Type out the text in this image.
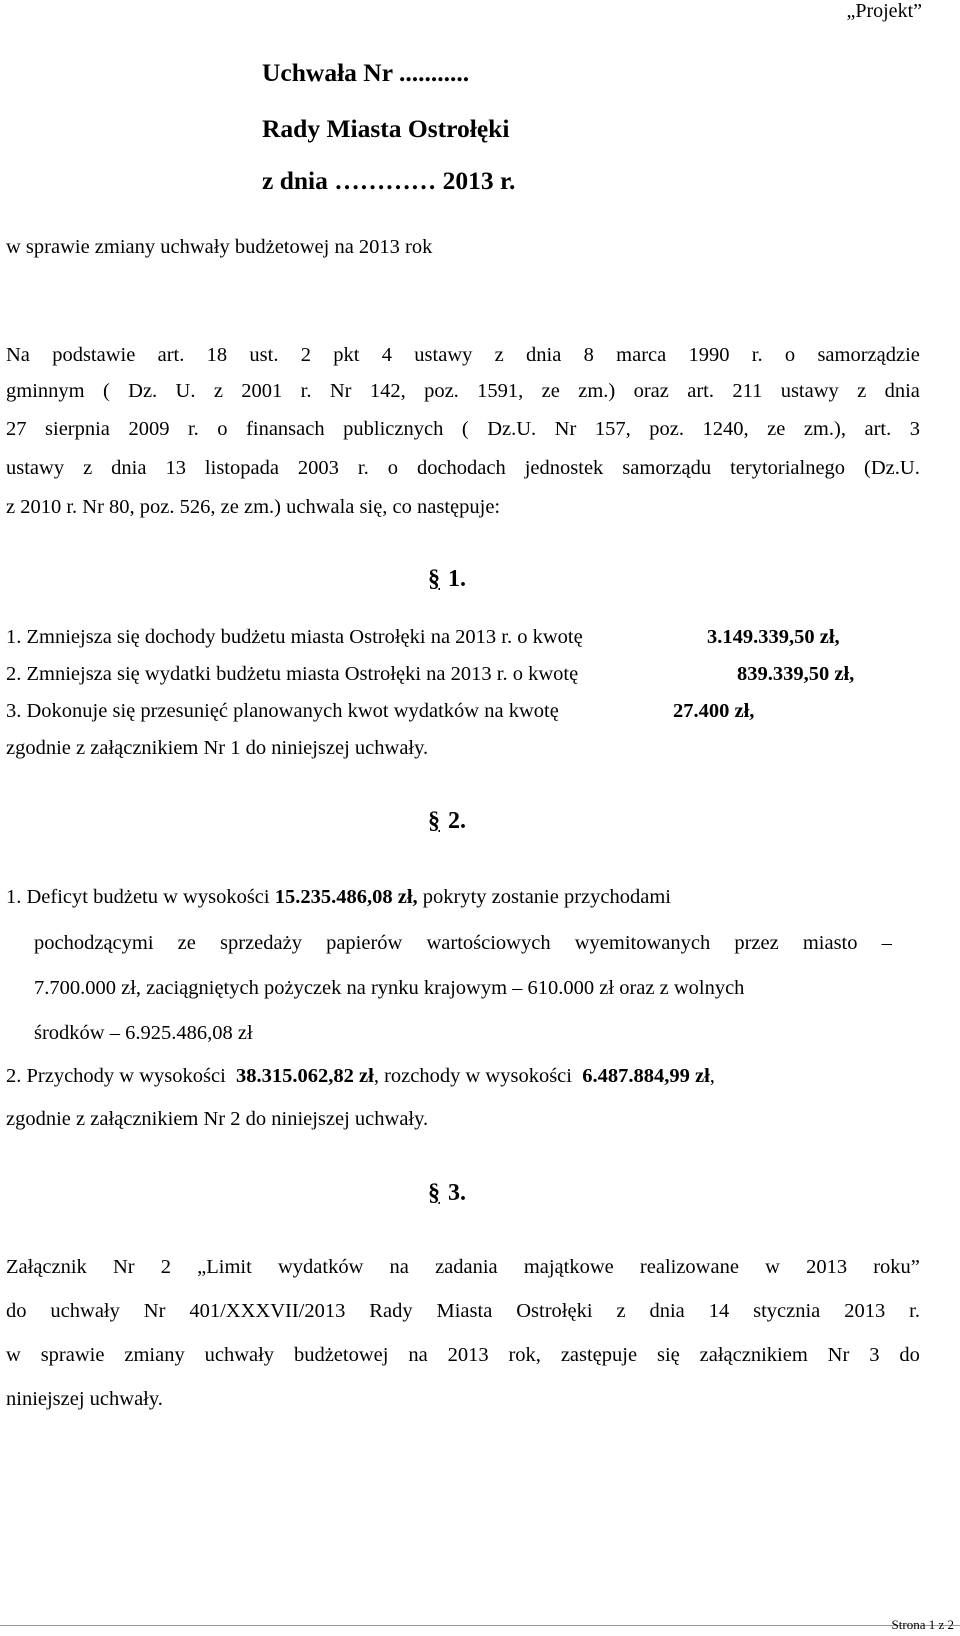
„Projekt”
Uchwała Nr ...........
Rady Miasta Ostrołęki
z dnia ………… 2013 r.
w sprawie zmiany uchwały budżetowej na 2013 rok
Na podstawie art. 18 ust. 2 pkt 4 ustawy z dnia 8 marca 1990 r. o samorządzie
gminnym ( Dz. U. z 2001 r. Nr 142, poz. 1591, ze zm.) oraz art. 211 ustawy z dnia
27 sierpnia 2009 r. o finansach publicznych ( Dz.U. Nr 157, poz. 1240, ze zm.), art. 3
ustawy z dnia 13 listopada 2003 r. o dochodach jednostek samorządu terytorialnego (Dz.U.
z 2010 r. Nr 80, poz. 526, ze zm.) uchwala się, co następuje:
§ 1.
1. Zmniejsza się dochody budżetu miasta Ostrołęki na 2013 r. o kwotę	3.149.339,50 zł,
2. Zmniejsza się wydatki budżetu miasta Ostrołęki na 2013 r. o kwotę	839.339,50 zł,
3. Dokonuje się przesunięć planowanych kwot wydatków na kwotę	27.400 zł,
zgodnie z załącznikiem Nr 1 do niniejszej uchwały.
§ 2.
1. Deficyt budżetu w wysokości 15.235.486,08 zł, pokryty zostanie przychodami
pochodzącymi ze sprzedaży papierów wartościowych wyemitowanych przez miasto –
7.700.000 zł, zaciągniętych pożyczek na rynku krajowym – 610.000 zł oraz z wolnych
środków – 6.925.486,08 zł
2. Przychody w wysokości 38.315.062,82 zł, rozchody w wysokości 6.487.884,99 zł,
zgodnie z załącznikiem Nr 2 do niniejszej uchwały.
§ 3.
Załącznik Nr 2 „Limit wydatków na zadania majątkowe realizowane w 2013 roku”
do uchwały Nr 401/XXXVII/2013 Rady Miasta Ostrołęki z dnia 14 stycznia 2013 r.
w sprawie zmiany uchwały budżetowej na 2013 rok, zastępuje się załącznikiem Nr 3 do
niniejszej uchwały.
Strona 1 z 2
